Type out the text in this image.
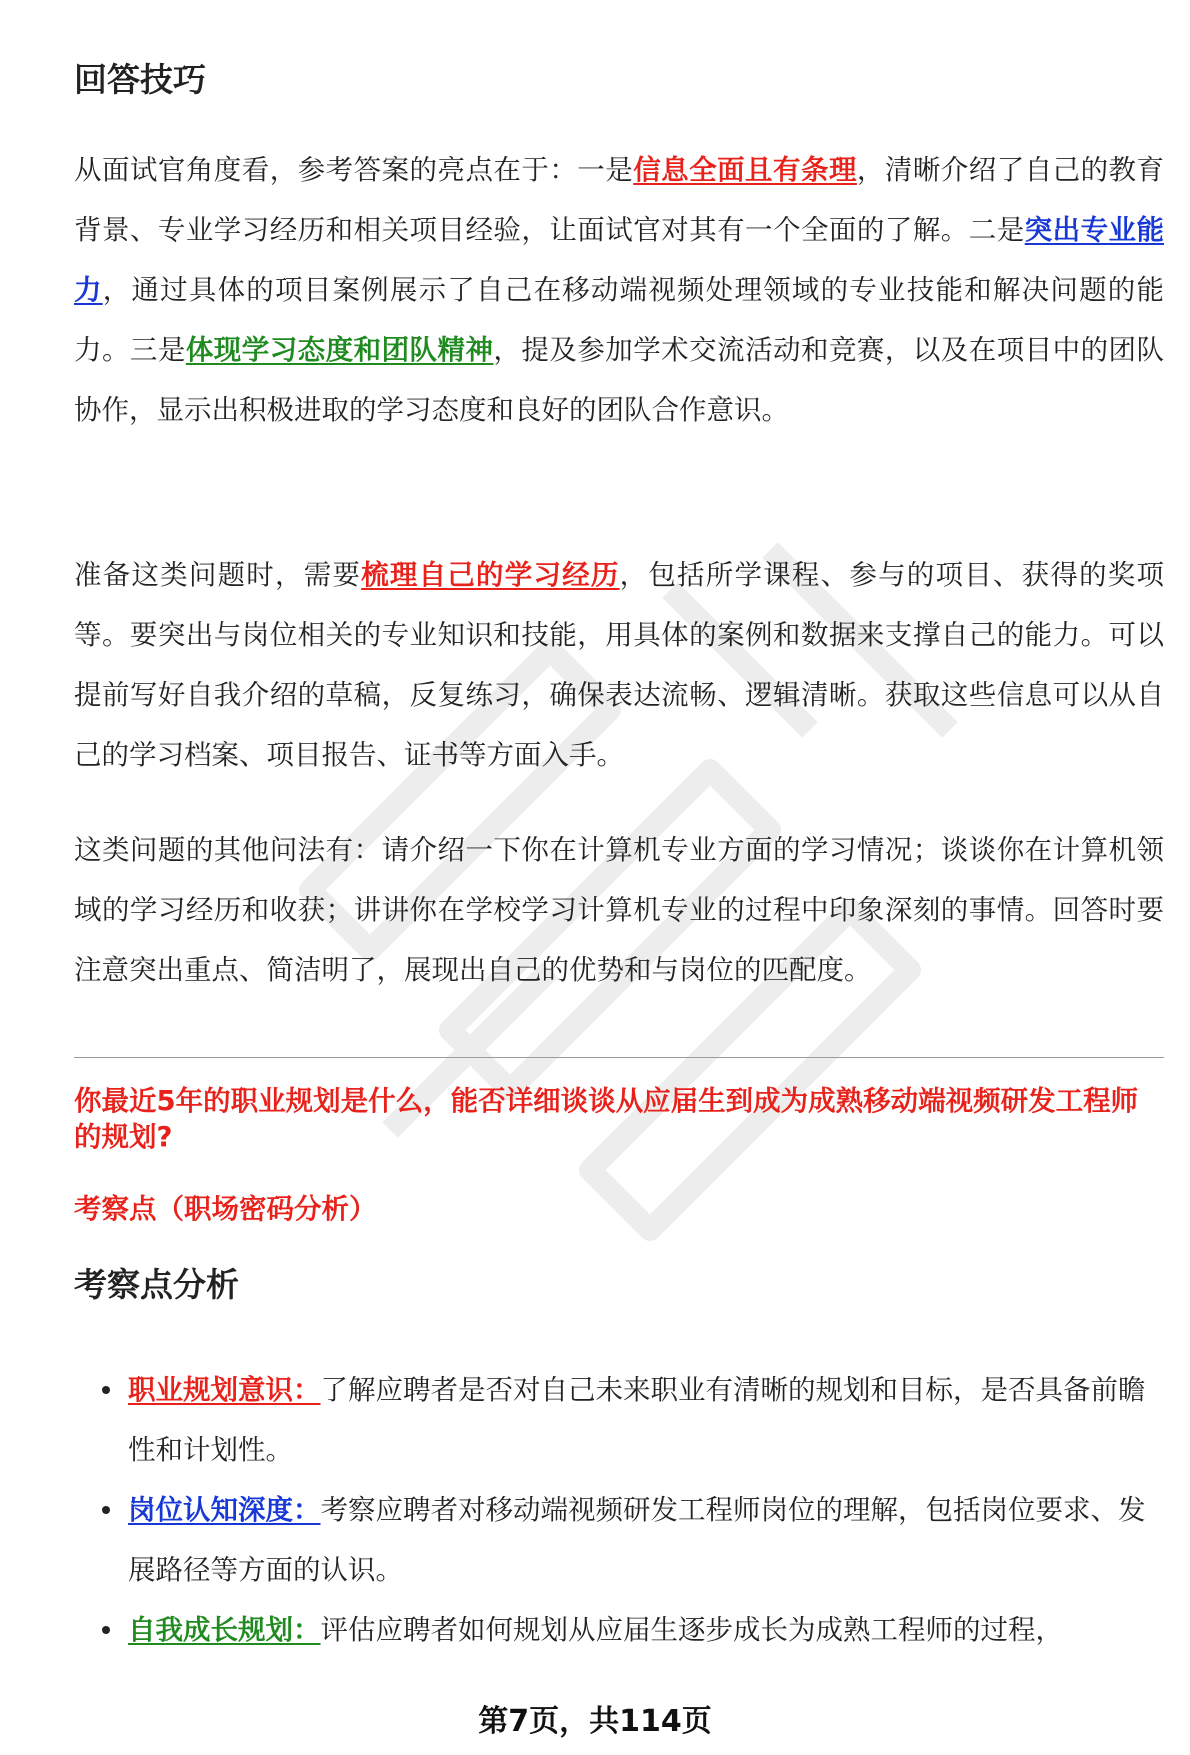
回答技巧

从面试官角度看，参考答案的亮点在于：一是信息全面且有条理，清晰介绍了自己的教育背景、专业学习经历和相关项目经验，让面试官对其有一个全面的了解。二是突出专业能力，通过具体的项目案例展示了自己在移动端视频处理领域的专业技能和解决问题的能力。三是体现学习态度和团队精神，提及参加学术交流活动和竞赛，以及在项目中的团队协作，显示出积极进取的学习态度和良好的团队合作意识。

准备这类问题时，需要梳理自己的学习经历，包括所学课程、参与的项目、获得的奖项等。要突出与岗位相关的专业知识和技能，用具体的案例和数据来支撑自己的能力。可以提前写好自我介绍的草稿，反复练习，确保表达流畅、逻辑清晰。获取这些信息可以从自己的学习档案、项目报告、证书等方面入手。

这类问题的其他问法有：请介绍一下你在计算机专业方面的学习情况；谈谈你在计算机领域的学习经历和收获；讲讲你在学校学习计算机专业的过程中印象深刻的事情。回答时要注意突出重点、简洁明了，展现出自己的优势和与岗位的匹配度。

你最近5年的职业规划是什么，能否详细谈谈从应届生到成为成熟移动端视频研发工程师的规划?

考察点（职场密码分析）

考察点分析
职业规划意识：了解应聘者是否对自己未来职业有清晰的规划和目标，是否具备前瞻性和计划性。
岗位认知深度：考察应聘者对移动端视频研发工程师岗位的理解，包括岗位要求、发展路径等方面的认识。
自我成长规划：评估应聘者如何规划从应届生逐步成长为成熟工程师的过程，
第7页，共114页
